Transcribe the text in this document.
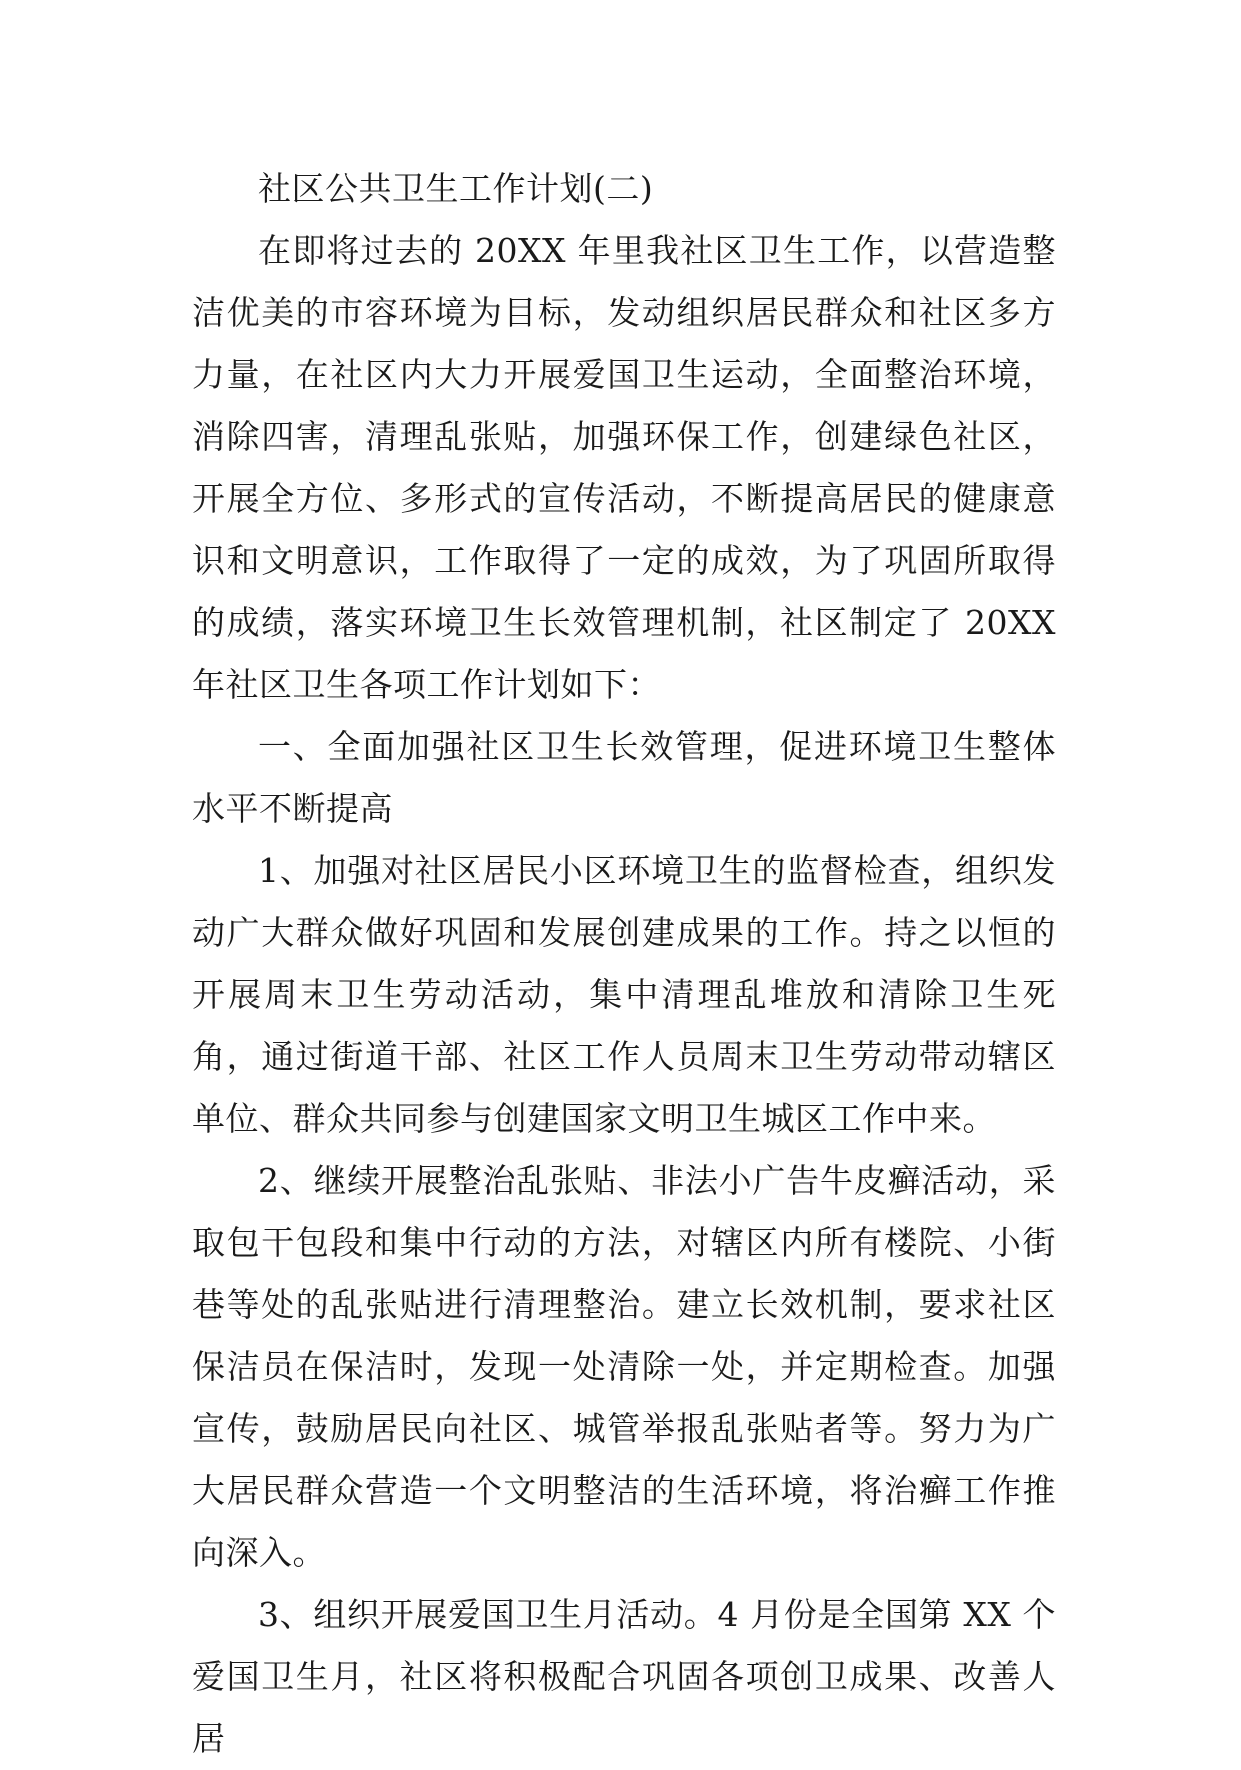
社区公共卫生工作计划(二)

在即将过去的 20XX 年里我社区卫生工作，以营造整洁优美的市容环境为目标，发动组织居民群众和社区多方力量，在社区内大力开展爱国卫生运动，全面整治环境，消除四害，清理乱张贴，加强环保工作，创建绿色社区，开展全方位、多形式的宣传活动，不断提高居民的健康意识和文明意识，工作取得了一定的成效，为了巩固所取得的成绩，落实环境卫生长效管理机制，社区制定了 20XX 年社区卫生各项工作计划如下：

一、全面加强社区卫生长效管理，促进环境卫生整体水平不断提高

1、加强对社区居民小区环境卫生的监督检查，组织发动广大群众做好巩固和发展创建成果的工作。持之以恒的开展周末卫生劳动活动，集中清理乱堆放和清除卫生死角，通过街道干部、社区工作人员周末卫生劳动带动辖区单位、群众共同参与创建国家文明卫生城区工作中来。

2、继续开展整治乱张贴、非法小广告牛皮癣活动，采取包干包段和集中行动的方法，对辖区内所有楼院、小街巷等处的乱张贴进行清理整治。建立长效机制，要求社区保洁员在保洁时，发现一处清除一处，并定期检查。加强宣传，鼓励居民向社区、城管举报乱张贴者等。努力为广大居民群众营造一个文明整洁的生活环境，将治癣工作推向深入。

3、组织开展爱国卫生月活动。4 月份是全国第 XX 个爱国卫生月，社区将积极配合巩固各项创卫成果、改善人居
